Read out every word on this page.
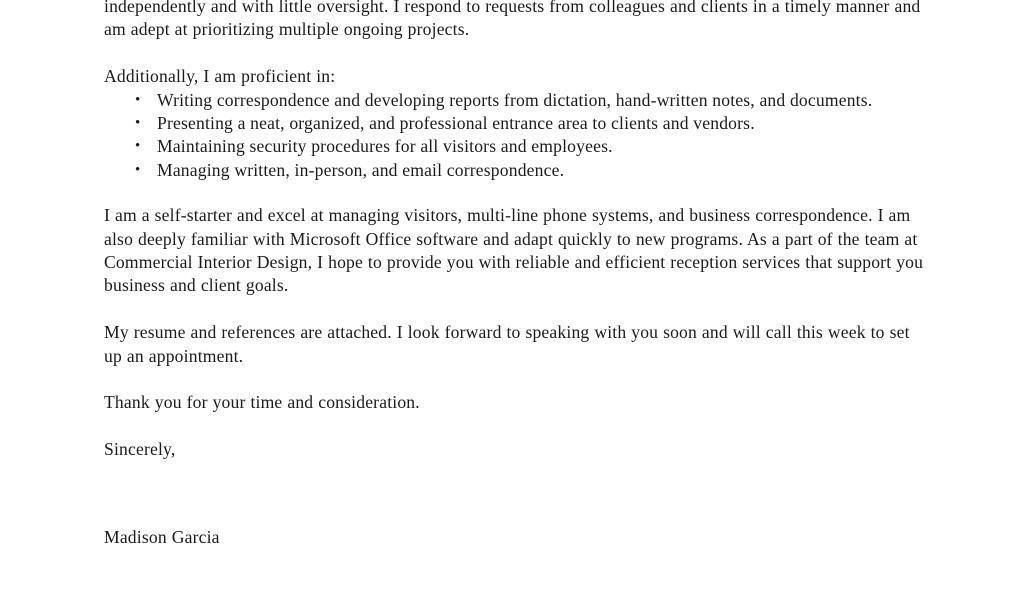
independently and with little oversight. I respond to requests from colleagues and clients in a timely manner and am adept at prioritizing multiple ongoing projects.

Additionally, I am proficient in:

• Writing correspondence and developing reports from dictation, hand-written notes, and documents.
• Presenting a neat, organized, and professional entrance area to clients and vendors.
• Maintaining security procedures for all visitors and employees.
• Managing written, in-person, and email correspondence.

I am a self-starter and excel at managing visitors, multi-line phone systems, and business correspondence. I am also deeply familiar with Microsoft Office software and adapt quickly to new programs. As a part of the team at Commercial Interior Design, I hope to provide you with reliable and efficient reception services that support you business and client goals.

My resume and references are attached. I look forward to speaking with you soon and will call this week to set up an appointment.

Thank you for your time and consideration.

Sincerely,

Madison Garcia
